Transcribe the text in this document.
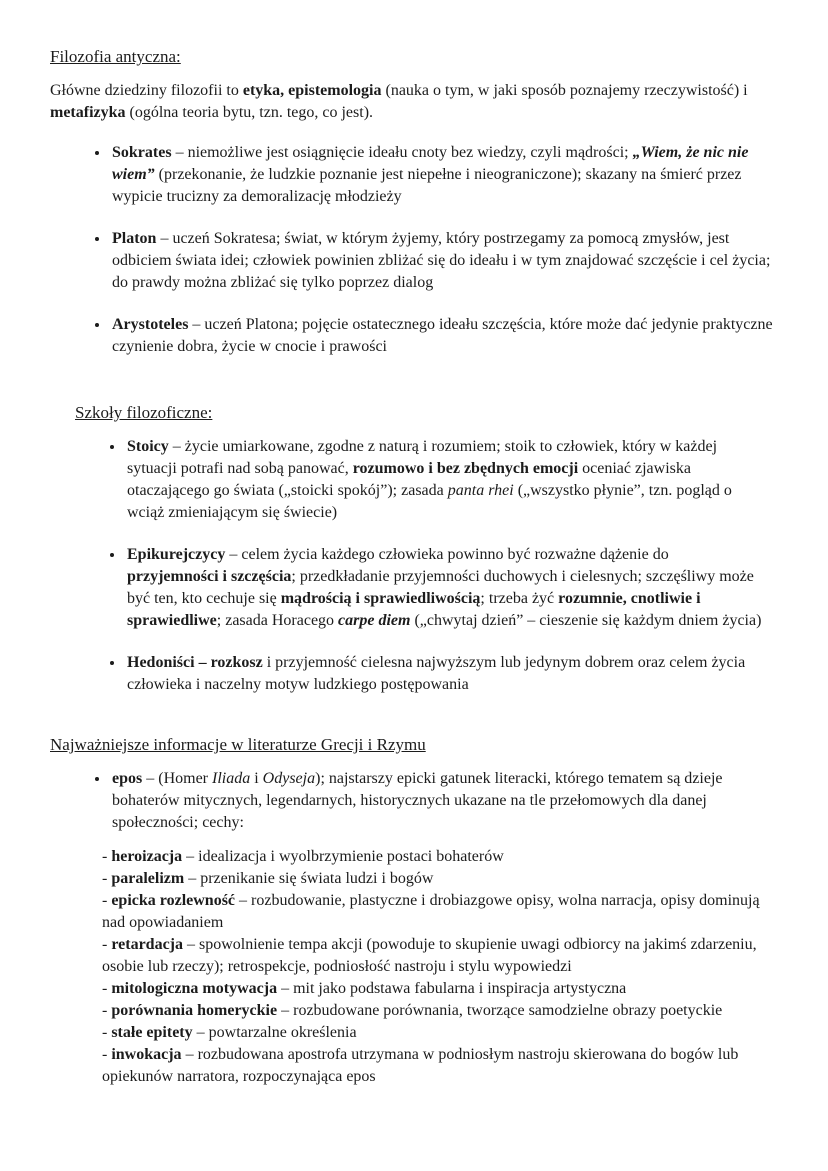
Filozofia antyczna:

Główne dziedziny filozofii to etyka, epistemologia (nauka o tym, w jaki sposób poznajemy rzeczywistość) i metafizyka (ogólna teoria bytu, tzn. tego, co jest).

• Sokrates – niemożliwe jest osiągnięcie ideału cnoty bez wiedzy, czyli mądrości; „Wiem, że nic nie wiem” (przekonanie, że ludzkie poznanie jest niepełne i nieograniczone); skazany na śmierć przez wypicie trucizny za demoralizację młodzieży
• Platon – uczeń Sokratesa; świat, w którym żyjemy, który postrzegamy za pomocą zmysłów, jest odbiciem świata idei; człowiek powinien zbliżać się do ideału i w tym znajdować szczęście i cel życia; do prawdy można zbliżać się tylko poprzez dialog
• Arystoteles – uczeń Platona; pojęcie ostatecznego ideału szczęścia, które może dać jedynie praktyczne czynienie dobra, życie w cnocie i prawości
Szkoły filozoficzne:
• Stoicy – życie umiarkowane, zgodne z naturą i rozumiem; stoik to człowiek, który w każdej sytuacji potrafi nad sobą panować, rozumowo i bez zbędnych emocji oceniać zjawiska otaczającego go świata („stoicki spokój”); zasada panta rhei („wszystko płynie”, tzn. pogląd o wciąż zmieniającym się świecie)
• Epikurejczycy – celem życia każdego człowieka powinno być rozważne dążenie do przyjemności i szczęścia; przedkładanie przyjemności duchowych i cielesnych; szczęśliwy może być ten, kto cechuje się mądrością i sprawiedliwością; trzeba żyć rozumnie, cnotliwie i sprawiedliwe; zasada Horacego carpe diem („chwytaj dzień” – cieszenie się każdym dniem życia)
• Hedoniści – rozkosz i przyjemność cielesna najwyższym lub jedynym dobrem oraz celem życia człowieka i naczelny motyw ludzkiego postępowania
Najważniejsze informacje w literaturze Grecji i Rzymu
• epos – (Homer Iliada i Odyseja); najstarszy epicki gatunek literacki, którego tematem są dzieje bohaterów mitycznych, legendarnych, historycznych ukazane na tle przełomowych dla danej społeczności; cechy:
- heroizacja – idealizacja i wyolbrzymienie postaci bohaterów
- paralelizm – przenikanie się świata ludzi i bogów
- epicka rozlewność – rozbudowanie, plastyczne i drobiazgowe opisy, wolna narracja, opisy dominują nad opowiadaniem
- retardacja – spowolnienie tempa akcji (powoduje to skupienie uwagi odbiorcy na jakimś zdarzeniu, osobie lub rzeczy); retrospekcje, podniosłość nastroju i stylu wypowiedzi
- mitologiczna motywacja – mit jako podstawa fabularna i inspiracja artystyczna
- porównania homeryckie – rozbudowane porównania, tworzące samodzielne obrazy poetyckie
- stałe epitety – powtarzalne określenia
- inwokacja – rozbudowana apostrofa utrzymana w podniosłym nastroju skierowana do bogów lub opiekunów narratora, rozpoczynająca epos
